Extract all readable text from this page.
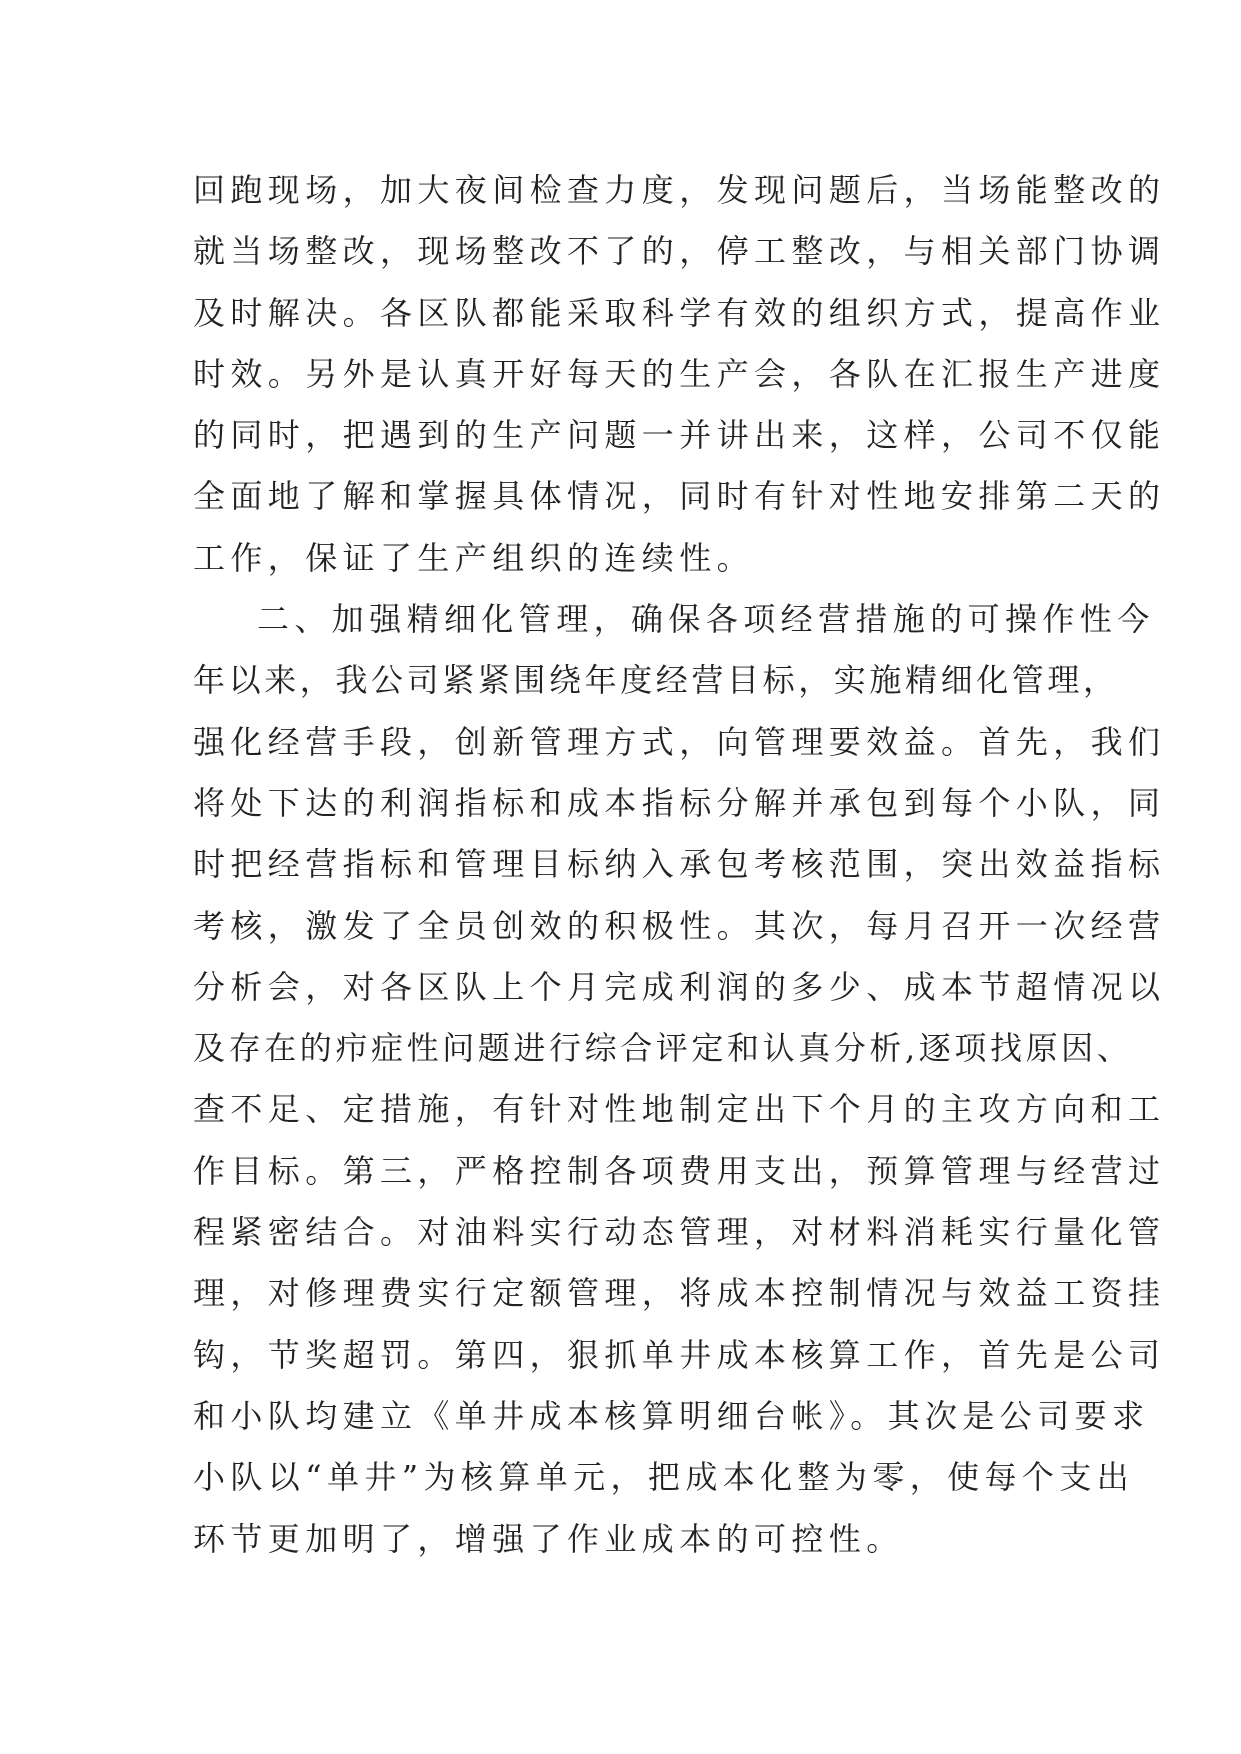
回跑现场，加大夜间检查力度，发现问题后，当场能整改的
就当场整改，现场整改不了的，停工整改，与相关部门协调
及时解决。各区队都能采取科学有效的组织方式，提高作业
时效。另外是认真开好每天的生产会，各队在汇报生产进度
的同时，把遇到的生产问题一并讲出来，这样，公司不仅能
全面地了解和掌握具体情况，同时有针对性地安排第二天的
工作，保证了生产组织的连续性。
二、加强精细化管理，确保各项经营措施的可操作性今
年以来，我公司紧紧围绕年度经营目标，实施精细化管理，
强化经营手段，创新管理方式，向管理要效益。首先，我们
将处下达的利润指标和成本指标分解并承包到每个小队，同
时把经营指标和管理目标纳入承包考核范围，突出效益指标
考核，激发了全员创效的积极性。其次，每月召开一次经营
分析会，对各区队上个月完成利润的多少、成本节超情况以
及存在的疖症性问题进行综合评定和认真分析,逐项找原因、
查不足、定措施，有针对性地制定出下个月的主攻方向和工
作目标。第三，严格控制各项费用支出，预算管理与经营过
程紧密结合。对油料实行动态管理，对材料消耗实行量化管
理，对修理费实行定额管理，将成本控制情况与效益工资挂
钩，节奖超罚。第四，狠抓单井成本核算工作，首先是公司
和小队均建立《单井成本核算明细台帐》。其次是公司要求
小队以“单井”为核算单元，把成本化整为零，使每个支出
环节更加明了，增强了作业成本的可控性。
